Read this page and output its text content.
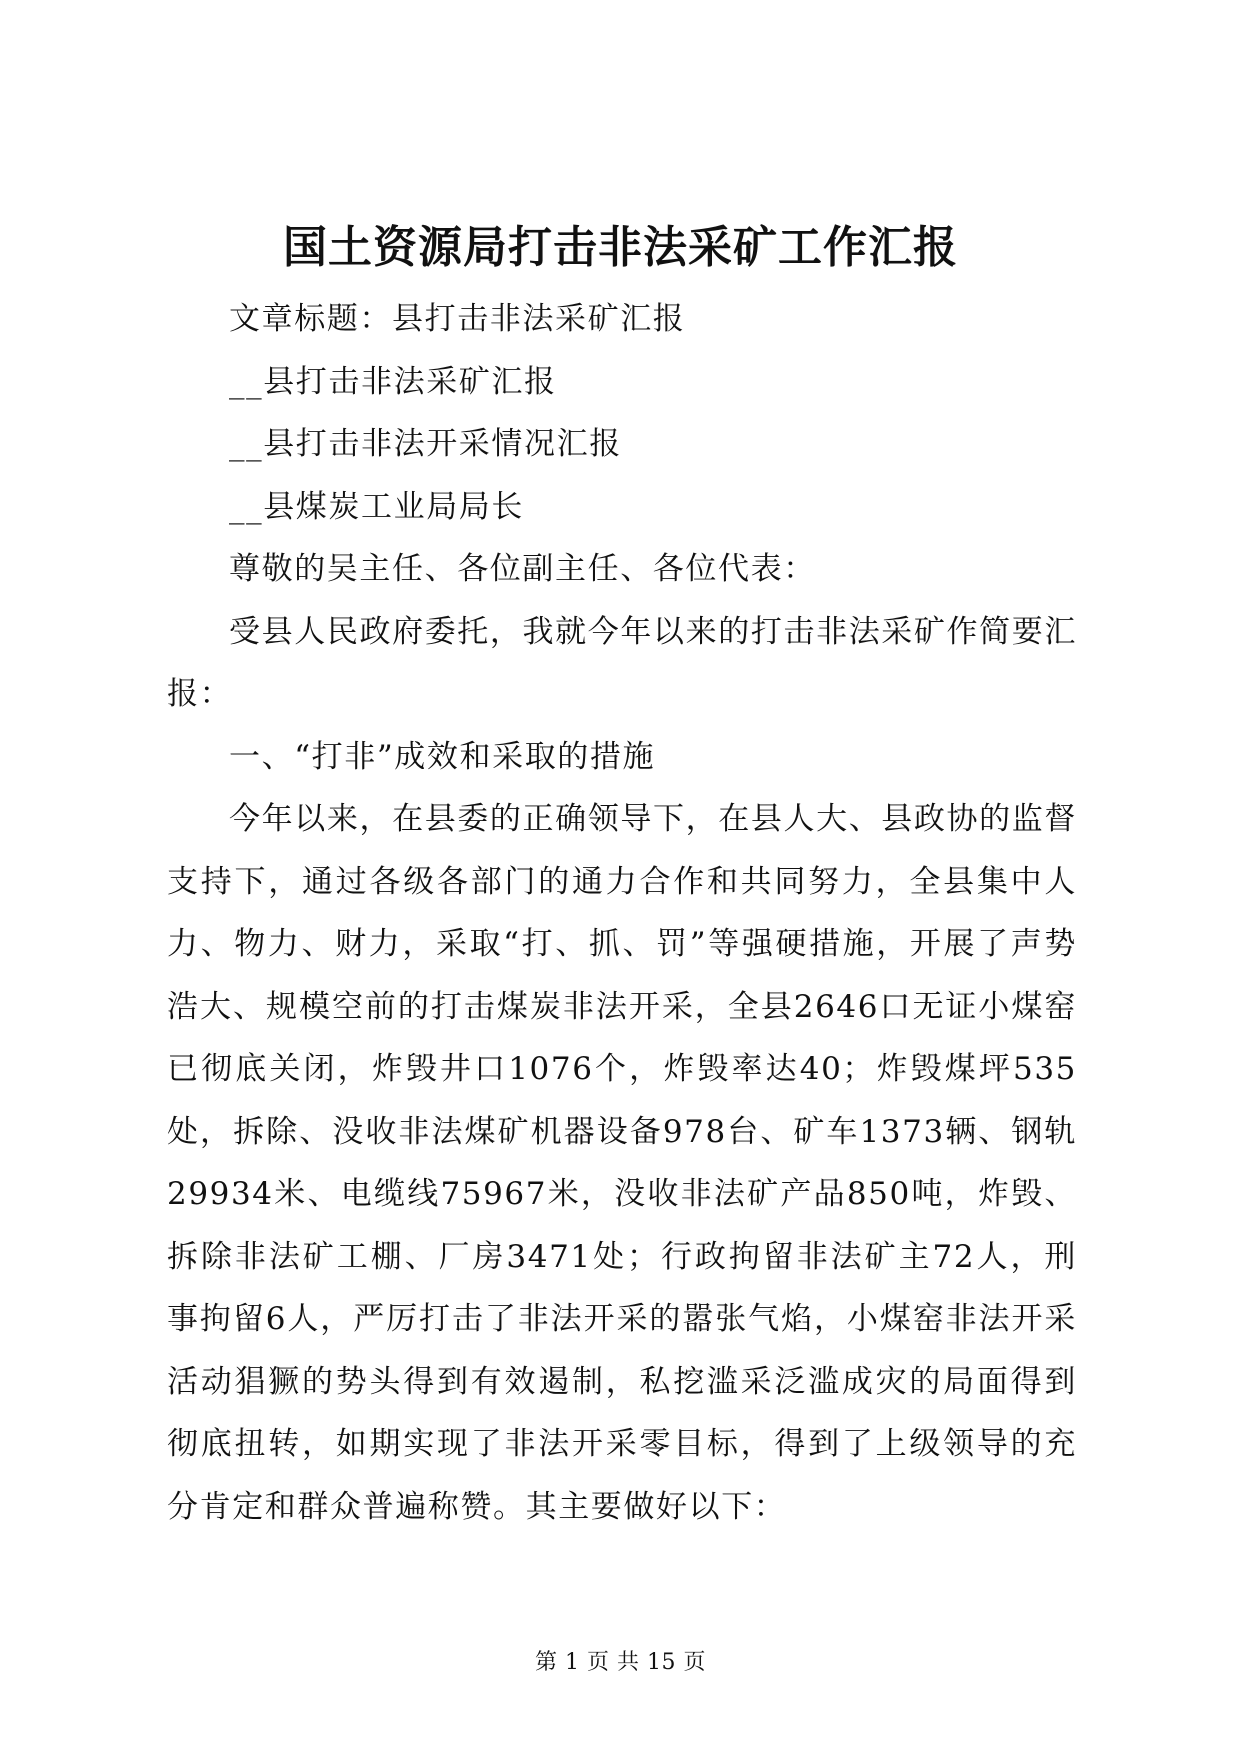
国土资源局打击非法采矿工作汇报

文章标题：县打击非法采矿汇报

__县打击非法采矿汇报

__县打击非法开采情况汇报

__县煤炭工业局局长

尊敬的吴主任、各位副主任、各位代表：

受县人民政府委托，我就今年以来的打击非法采矿作简要汇报：

一、“打非”成效和采取的措施

今年以来，在县委的正确领导下，在县人大、县政协的监督支持下，通过各级各部门的通力合作和共同努力，全县集中人力、物力、财力，采取“打、抓、罚”等强硬措施，开展了声势浩大、规模空前的打击煤炭非法开采，全县2646口无证小煤窑已彻底关闭，炸毁井口1076个，炸毁率达40；炸毁煤坪535处，拆除、没收非法煤矿机器设备978台、矿车1373辆、钢轨29934米、电缆线75967米，没收非法矿产品850吨，炸毁、拆除非法矿工棚、厂房3471处；行政拘留非法矿主72人，刑事拘留6人，严厉打击了非法开采的嚣张气焰，小煤窑非法开采活动猖獗的势头得到有效遏制，私挖滥采泛滥成灾的局面得到彻底扭转，如期实现了非法开采零目标，得到了上级领导的充分肯定和群众普遍称赞。其主要做好以下：

第 1 页 共 15 页
